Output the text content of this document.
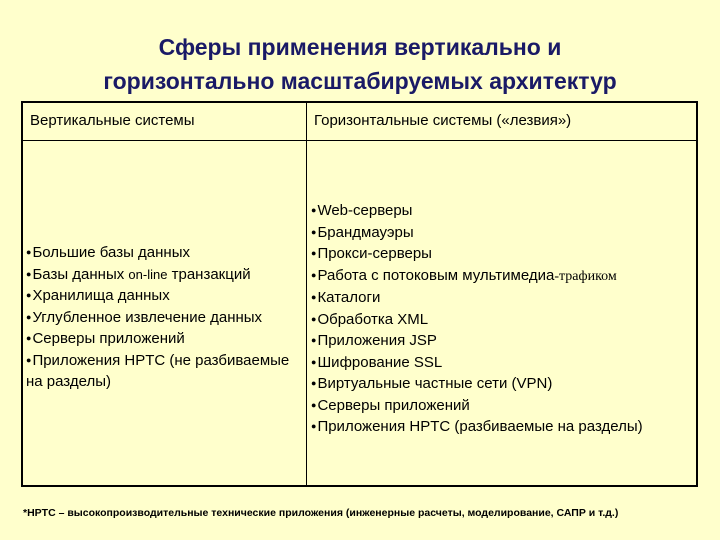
Сферы применения вертикально и
горизонтально масштабируемых архитектур
Вертикальные системы	Горизонтальные системы («лезвия»)
●Большие базы данных
●Базы данных on-line транзакций
●Хранилища данных
●Углубленное извлечение данных
●Серверы приложений
●Приложения HPTC (не разбиваемые на разделы)
●Web-серверы
●Брандмауэры
●Прокси-серверы
●Работа с потоковым мультимедиа-трафиком
●Каталоги
●Обработка XML
●Приложения JSP
●Шифрование SSL
●Виртуальные частные сети (VPN)
●Серверы приложений
●Приложения HPTC (разбиваемые на разделы)
*HPTC – высокопроизводительные технические приложения (инженерные расчеты, моделирование, САПР и т.д.)
